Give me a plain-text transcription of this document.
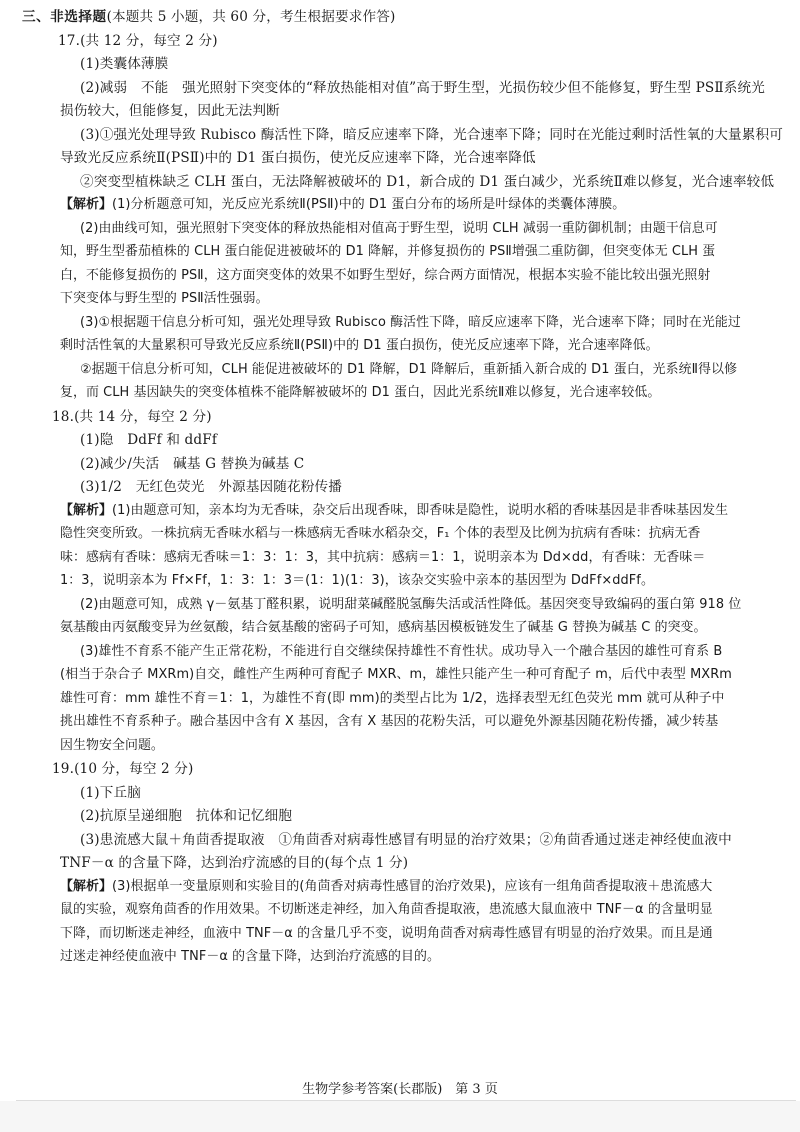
三、非选择题(本题共 5 小题，共 60 分，考生根据要求作答)
17.(共 12 分，每空 2 分)
(1)类囊体薄膜
(2)减弱　不能　强光照射下突变体的“释放热能相对值”高于野生型，光损伤较少但不能修复，野生型 PSⅡ系统光
损伤较大，但能修复，因此无法判断
(3)①强光处理导致 Rubisco 酶活性下降，暗反应速率下降，光合速率下降；同时在光能过剩时活性氧的大量累积可
导致光反应系统Ⅱ(PSⅡ)中的 D1 蛋白损伤，使光反应速率下降，光合速率降低
②突变型植株缺乏 CLH 蛋白，无法降解被破坏的 D1，新合成的 D1 蛋白减少，光系统Ⅱ难以修复，光合速率较低
【解析】(1)分析题意可知，光反应光系统Ⅱ(PSⅡ)中的 D1 蛋白分布的场所是叶绿体的类囊体薄膜。
(2)由曲线可知，强光照射下突变体的释放热能相对值高于野生型，说明 CLH 减弱一重防御机制；由题干信息可
知，野生型番茄植株的 CLH 蛋白能促进被破坏的 D1 降解，并修复损伤的 PSⅡ增强二重防御，但突变体无 CLH 蛋
白，不能修复损伤的 PSⅡ，这方面突变体的效果不如野生型好，综合两方面情况，根据本实验不能比较出强光照射
下突变体与野生型的 PSⅡ活性强弱。
(3)①根据题干信息分析可知，强光处理导致 Rubisco 酶活性下降，暗反应速率下降，光合速率下降；同时在光能过
剩时活性氧的大量累积可导致光反应系统Ⅱ(PSⅡ)中的 D1 蛋白损伤，使光反应速率下降，光合速率降低。
②据题干信息分析可知，CLH 能促进被破坏的 D1 降解，D1 降解后，重新插入新合成的 D1 蛋白，光系统Ⅱ得以修
复，而 CLH 基因缺失的突变体植株不能降解被破坏的 D1 蛋白，因此光系统Ⅱ难以修复，光合速率较低。
18.(共 14 分，每空 2 分)
(1)隐　DdFf 和 ddFf
(2)减少/失活　碱基 G 替换为碱基 C
(3)1/2　无红色荧光　外源基因随花粉传播
【解析】(1)由题意可知，亲本均为无香味，杂交后出现香味，即香味是隐性，说明水稻的香味基因是非香味基因发生
隐性突变所致。一株抗病无香味水稻与一株感病无香味水稻杂交，F₁ 个体的表型及比例为抗病有香味：抗病无香
味：感病有香味：感病无香味＝1：3：1：3，其中抗病：感病＝1：1，说明亲本为 Dd×dd，有香味：无香味＝
1：3，说明亲本为 Ff×Ff，1：3：1：3＝(1：1)(1：3)，该杂交实验中亲本的基因型为 DdFf×ddFf。
(2)由题意可知，成熟 γ－氨基丁醛积累，说明甜菜碱醛脱氢酶失活或活性降低。基因突变导致编码的蛋白第 918 位
氨基酸由丙氨酸变异为丝氨酸，结合氨基酸的密码子可知，感病基因模板链发生了碱基 G 替换为碱基 C 的突变。
(3)雄性不育系不能产生正常花粉，不能进行自交继续保持雄性不育性状。成功导入一个融合基因的雄性可育系 B
(相当于杂合子 MXRm)自交，雌性产生两种可育配子 MXR、m，雄性只能产生一种可育配子 m，后代中表型 MXRm
雄性可育：mm 雄性不育＝1：1，为雄性不育(即 mm)的类型占比为 1/2，选择表型无红色荧光 mm 就可从种子中
挑出雄性不育系种子。融合基因中含有 X 基因，含有 X 基因的花粉失活，可以避免外源基因随花粉传播，减少转基
因生物安全问题。
19.(10 分，每空 2 分)
(1)下丘脑
(2)抗原呈递细胞　抗体和记忆细胞
(3)患流感大鼠＋角茴香提取液　①角茴香对病毒性感冒有明显的治疗效果；②角茴香通过迷走神经使血液中
TNF－α 的含量下降，达到治疗流感的目的(每个点 1 分)
【解析】(3)根据单一变量原则和实验目的(角茴香对病毒性感冒的治疗效果)，应该有一组角茴香提取液＋患流感大
鼠的实验，观察角茴香的作用效果。不切断迷走神经，加入角茴香提取液，患流感大鼠血液中 TNF－α 的含量明显
下降，而切断迷走神经，血液中 TNF－α 的含量几乎不变，说明角茴香对病毒性感冒有明显的治疗效果。而且是通
过迷走神经使血液中 TNF－α 的含量下降，达到治疗流感的目的。
生物学参考答案(长郡版)　第 3 页
